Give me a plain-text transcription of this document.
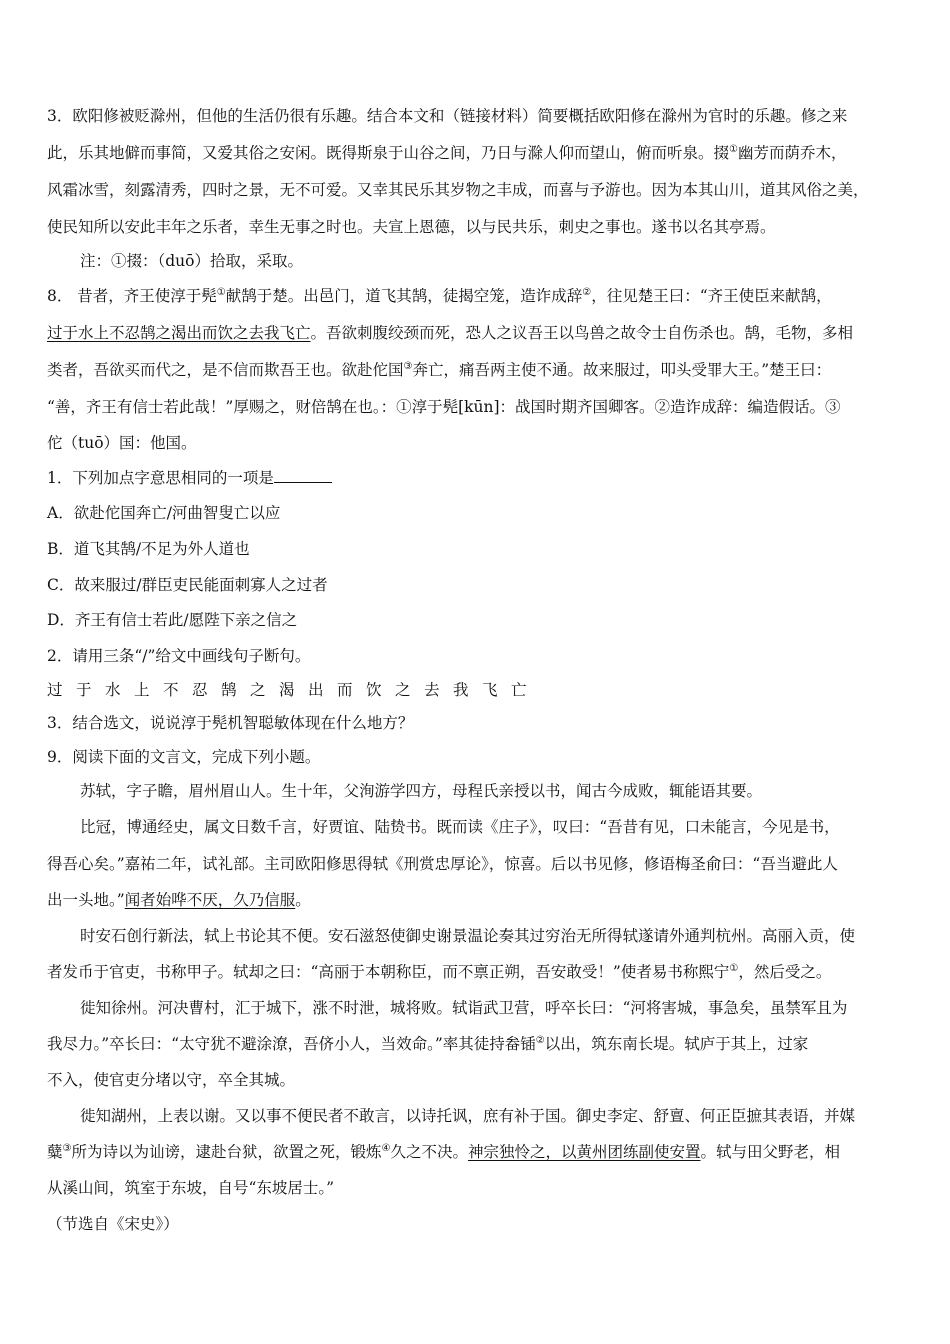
3．欧阳修被贬滁州，但他的生活仍很有乐趣。结合本文和（链接材料）简要概括欧阳修在滁州为官时的乐趣。修之来
此，乐其地僻而事简，又爱其俗之安闲。既得斯泉于山谷之间，乃日与滁人仰而望山，俯而听泉。掇①幽芳而荫乔木，
风霜冰雪，刻露清秀，四时之景，无不可爱。又幸其民乐其岁物之丰成，而喜与予游也。因为本其山川，道其风俗之美，
使民知所以安此丰年之乐者，幸生无事之时也。夫宣上恩德，以与民共乐，刺史之事也。遂书以名其亭焉。
注：①掇：（duō）拾取，采取。
8． 昔者，齐王使淳于髡①献鹄于楚。出邑门，道飞其鹄，徒揭空笼，造诈成辞②，往见楚王曰：“齐王使臣来献鹄，
过于水上不忍鹄之渴出而饮之去我飞亡。吾欲刺腹绞颈而死，恐人之议吾王以鸟兽之故令士自伤杀也。鹄，毛物，多相
类者，吾欲买而代之，是不信而欺吾王也。欲赴佗国③奔亡，痛吾两主使不通。故来服过，叩头受罪大王。”楚王曰：
“善，齐王有信士若此哉！”厚赐之，财倍鹄在也。：①淳于髡[kūn]：战国时期齐国卿客。②造诈成辞：编造假话。③
佗（tuō）国：他国。
1．下列加点字意思相同的一项是
A．欲赴佗国奔亡/河曲智叟亡以应
B．道飞其鹄/不足为外人道也
C．故来服过/群臣吏民能面刺寡人之过者
D．齐王有信士若此/愿陛下亲之信之
2．请用三条“/”给文中画线句子断句。
过于水上不忍鹄之渴出而饮之去我飞亡
3．结合选文，说说淳于髡机智聪敏体现在什么地方？
9．阅读下面的文言文，完成下列小题。
苏轼，字子瞻，眉州眉山人。生十年，父洵游学四方，母程氏亲授以书，闻古今成败，辄能语其要。
比冠，博通经史，属文日数千言，好贾谊、陆贽书。既而读《庄子》，叹曰：“吾昔有见，口未能言，今见是书，
得吾心矣。”嘉祐二年，试礼部。主司欧阳修思得轼《刑赏忠厚论》，惊喜。后以书见修，修语梅圣俞曰：“吾当避此人
出一头地。”闻者始哗不厌，久乃信服。
时安石创行新法，轼上书论其不便。安石滋怒使御史谢景温论奏其过穷治无所得轼遂请外通判杭州。高丽入贡，使
者发币于官吏，书称甲子。轼却之曰：“高丽于本朝称臣，而不禀正朔，吾安敢受！”使者易书称熙宁①，然后受之。
徙知徐州。河决曹村，汇于城下，涨不时泄，城将败。轼诣武卫营，呼卒长曰：“河将害城，事急矣，虽禁军且为
我尽力。”卒长曰：“太守犹不避涂潦，吾侪小人，当效命。”率其徒持畚锸②以出，筑东南长堤。轼庐于其上，过家
不入，使官吏分堵以守，卒全其城。
徙知湖州，上表以谢。又以事不便民者不敢言，以诗托讽，庶有补于国。御史李定、舒亶、何正臣摭其表语，并媒
糵③所为诗以为讪谤，逮赴台狱，欲置之死，锻炼④久之不决。神宗独怜之，以黄州团练副使安置。轼与田父野老，相
从溪山间，筑室于东坡，自号“东坡居士。”
（节选自《宋史》）
